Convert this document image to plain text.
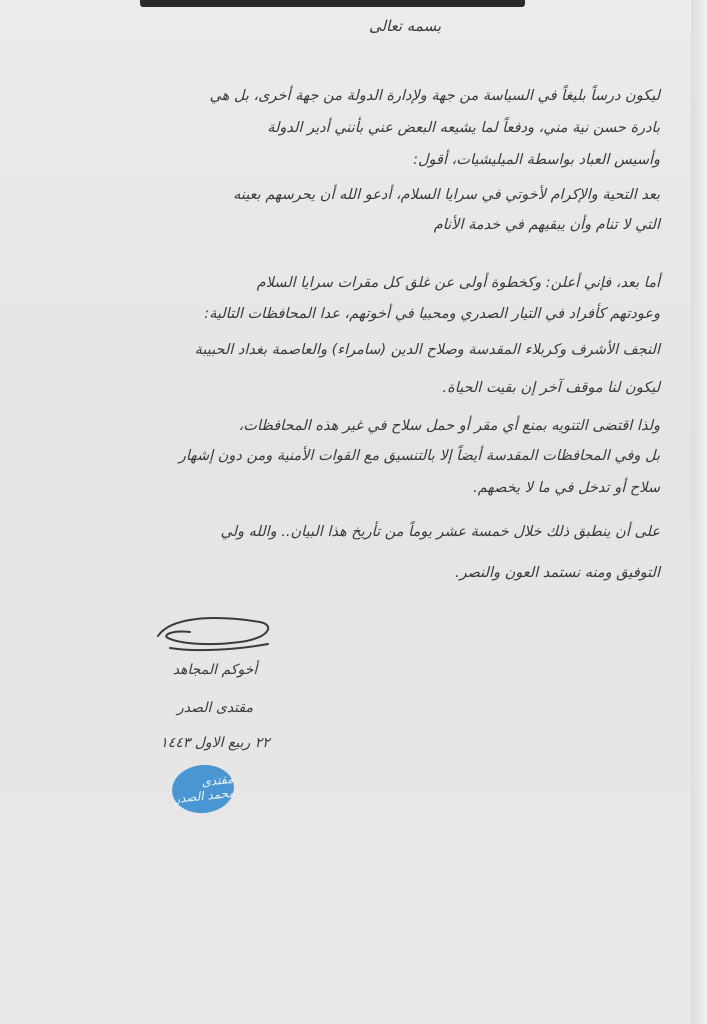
بسمه تعالى
ليكون درساً بليغاً في السياسة من جهة ولإدارة الدولة من جهة أخرى، بل هي
بادرة حسن نية مني، ودفعاً لما يشيعه البعض عني بأنني أدير الدولة
وأسيس العباد بواسطة الميليشيات، أقول:
بعد التحية والإكرام لأخوتي في سرايا السلام، أدعو الله أن يحرسهم بعينه
التي لا تنام وأن يبقيهم في خدمة الأنام
أما بعد، فإني أعلن: وكخطوة أولى عن غلق كل مقرات سرايا السلام
وعودتهم كأفراد في التيار الصدري ومحبيا في أخوتهم، عدا المحافظات التالية:
النجف الأشرف وكربلاء المقدسة وصلاح الدين (سامراء) والعاصمة بغداد الحبيبة
ليكون لنا موقف آخر إن بقيت الحياة.
ولذا اقتضى التنويه بمنع أي مقر أو حمل سلاح في غير هذه المحافظات،
بل وفي المحافظات المقدسة أيضاً إلا بالتنسيق مع القوات الأمنية ومن دون إشهار
سلاح أو تدخل في ما لا يخصهم.
على أن ينطبق ذلك خلال خمسة عشر يوماً من تأريخ هذا البيان.. والله ولي
التوفيق ومنه نستمد العون والنصر.
أخوكم المجاهد
مقتدى الصدر
٢٢ ربيع الاول ١٤٤٣
مقتدى محمد الصدر
